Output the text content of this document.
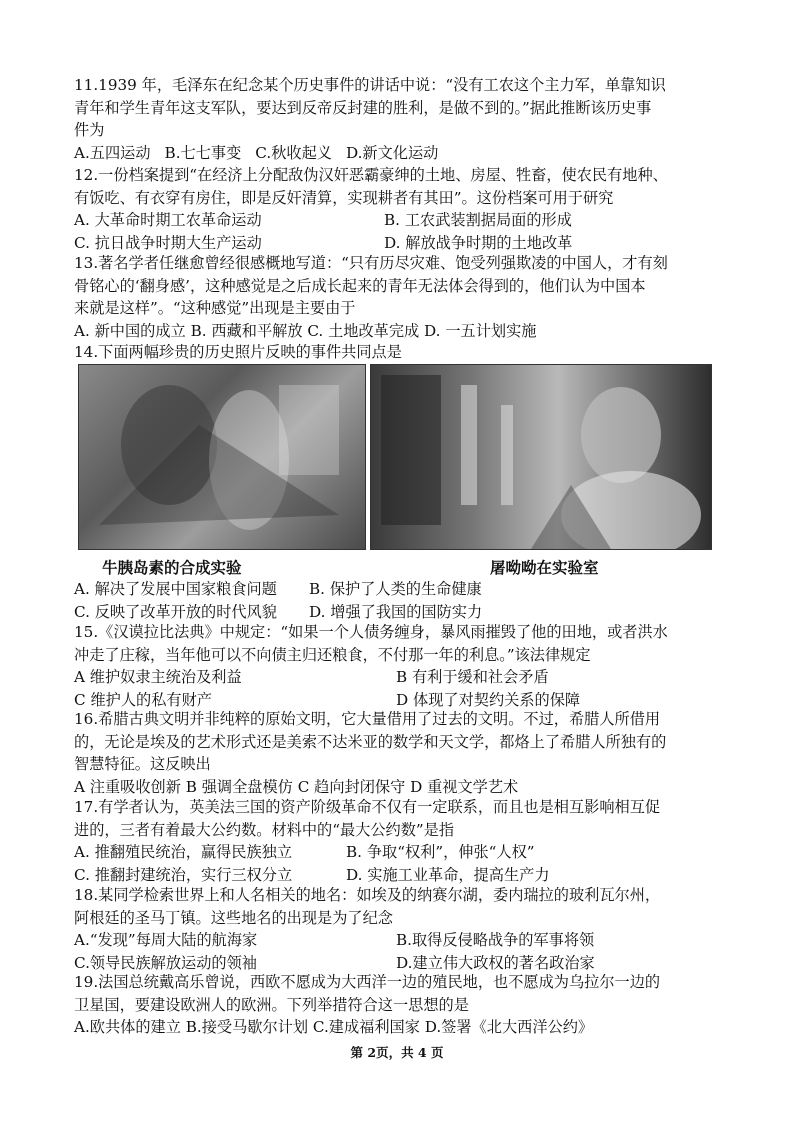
11.1939 年，毛泽东在纪念某个历史事件的讲话中说：“没有工农这个主力军，单靠知识
青年和学生青年这支军队，要达到反帝反封建的胜利，是做不到的。”据此推断该历史事
件为
A.五四运动 B.七七事变 C.秋收起义 D.新文化运动
12.一份档案提到“在经济上分配敌伪汉奸恶霸豪绅的土地、房屋、牲畜，使农民有地种、
有饭吃、有衣穿有房住，即是反奸清算，实现耕者有其田”。这份档案可用于研究
A. 大革命时期工农革命运动	B. 工农武装割据局面的形成
C. 抗日战争时期大生产运动	D. 解放战争时期的土地改革
13.著名学者任继愈曾经很感概地写道：“只有历尽灾难、饱受列强欺凌的中国人，才有刻
骨铭心的‘翻身感’，这种感觉是之后成长起来的青年无法体会得到的，他们认为中国本
来就是这样”。“这种感觉”出现是主要由于
A. 新中国的成立 B. 西藏和平解放 C. 土地改革完成 D. 一五计划实施
14.下面两幅珍贵的历史照片反映的事件共同点是
牛胰岛素的合成实验	屠呦呦在实验室
A. 解决了发展中国家粮食问题	B. 保护了人类的生命健康
C. 反映了改革开放的时代风貌	D. 增强了我国的国防实力
15.《汉谟拉比法典》中规定：“如果一个人债务缠身，暴风雨摧毁了他的田地，或者洪水
冲走了庄稼，当年他可以不向债主归还粮食，不付那一年的利息。”该法律规定
A 维护奴隶主统治及利益	B 有利于缓和社会矛盾
C 维护人的私有财产	D 体现了对契约关系的保障
16.希腊古典文明并非纯粹的原始文明，它大量借用了过去的文明。不过，希腊人所借用
的，无论是埃及的艺术形式还是美索不达米亚的数学和天文学，都烙上了希腊人所独有的
智慧特征。这反映出
A 注重吸收创新 B 强调全盘模仿 C 趋向封闭保守 D 重视文学艺术
17.有学者认为，英美法三国的资产阶级革命不仅有一定联系，而且也是相互影响相互促
进的，三者有着最大公约数。材料中的“最大公约数”是指
A. 推翻殖民统治，赢得民族独立	B. 争取“权利”，伸张“人权”
C. 推翻封建统治，实行三权分立	D. 实施工业革命，提高生产力
18.某同学检索世界上和人名相关的地名：如埃及的纳赛尔湖，委内瑞拉的玻利瓦尔州，
阿根廷的圣马丁镇。这些地名的出现是为了纪念
A.“发现”每周大陆的航海家	B.取得反侵略战争的军事将领
C.领导民族解放运动的领袖	D.建立伟大政权的著名政治家
19.法国总统戴高乐曾说，西欧不愿成为大西洋一边的殖民地，也不愿成为乌拉尔一边的
卫星国，要建设欧洲人的欧洲。下列举措符合这一思想的是
A.欧共体的建立 B.接受马歇尔计划 C.建成福利国家 D.签署《北大西洋公约》
第 2页，共 4 页
